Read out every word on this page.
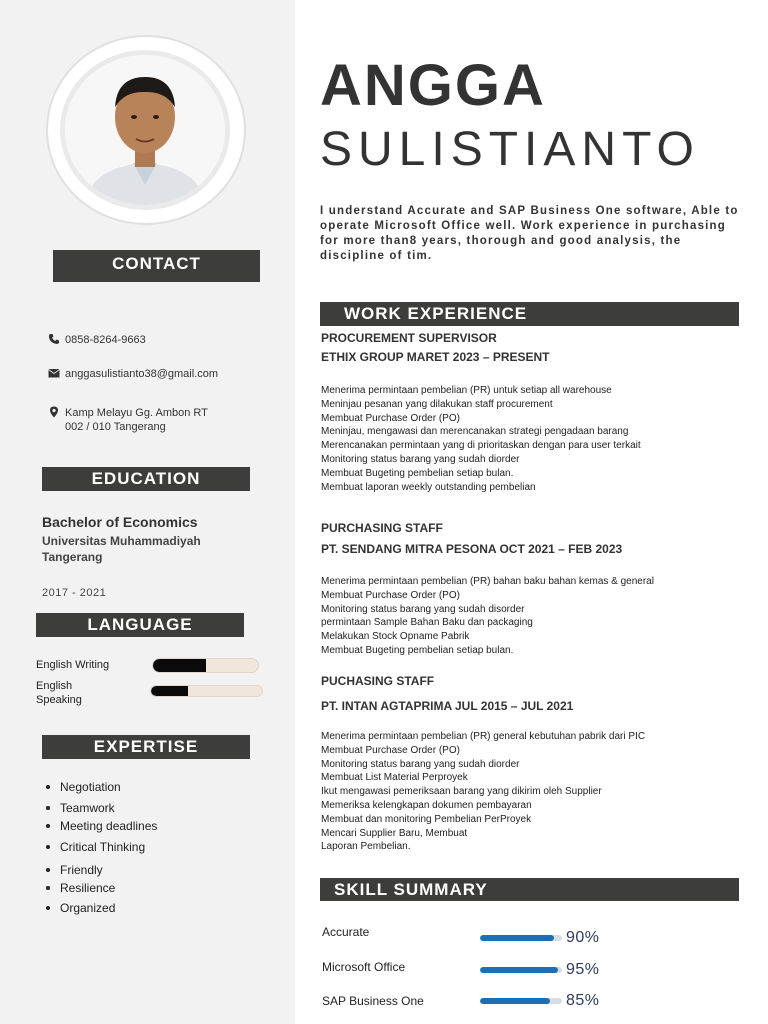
CONTACT
0858-8264-9663
anggasulistianto38@gmail.com
Kamp Melayu Gg. Ambon RT
002 / 010 Tangerang
EDUCATION
Bachelor of Economics
Universitas Muhammadiyah
Tangerang
2017 - 2021
LANGUAGE
English Writing
English
Speaking
EXPERTISE
Negotiation
Teamwork
Meeting deadlines
Critical Thinking
Friendly
Resilience
Organized
ANGGA
SULISTIANTO
I understand Accurate and SAP Business One software, Able to operate Microsoft Office well. Work experience in purchasing for more than8 years, thorough and good analysis, the discipline of tim.
WORK EXPERIENCE
PROCUREMENT SUPERVISOR
ETHIX GROUP MARET 2023 – PRESENT
Menerima permintaan pembelian (PR) untuk setiap all warehouse
Meninjau pesanan yang dilakukan staff procurement
Membuat Purchase Order (PO)
Meninjau, mengawasi dan merencanakan strategi pengadaan barang
Merencanakan permintaan yang di prioritaskan dengan para user terkait
Monitoring status barang yang sudah diorder
Membuat Bugeting pembelian setiap bulan.
Membuat laporan weekly outstanding pembelian
PURCHASING STAFF
PT. SENDANG MITRA PESONA OCT 2021 – FEB 2023
Menerima permintaan pembelian (PR) bahan baku bahan kemas & general
Membuat Purchase Order (PO)
Monitoring status barang yang sudah disorder
permintaan Sample Bahan Baku dan packaging
Melakukan Stock Opname Pabrik
Membuat Bugeting pembelian setiap bulan.
PUCHASING STAFF
PT. INTAN AGTAPRIMA JUL 2015 – JUL 2021
Menerima permintaan pembelian (PR) general kebutuhan pabrik dari PIC
Membuat Purchase Order (PO)
Monitoring status barang yang sudah diorder
Membuat List Material Perproyek
Ikut mengawasi pemeriksaan barang yang dikirim oleh Supplier
Memeriksa kelengkapan dokumen pembayaran
Membuat dan monitoring Pembelian PerProyek
Mencari Supplier Baru, Membuat
Laporan Pembelian.
SKILL SUMMARY
Accurate	90%
Microsoft Office	95%
SAP Business One	85%
